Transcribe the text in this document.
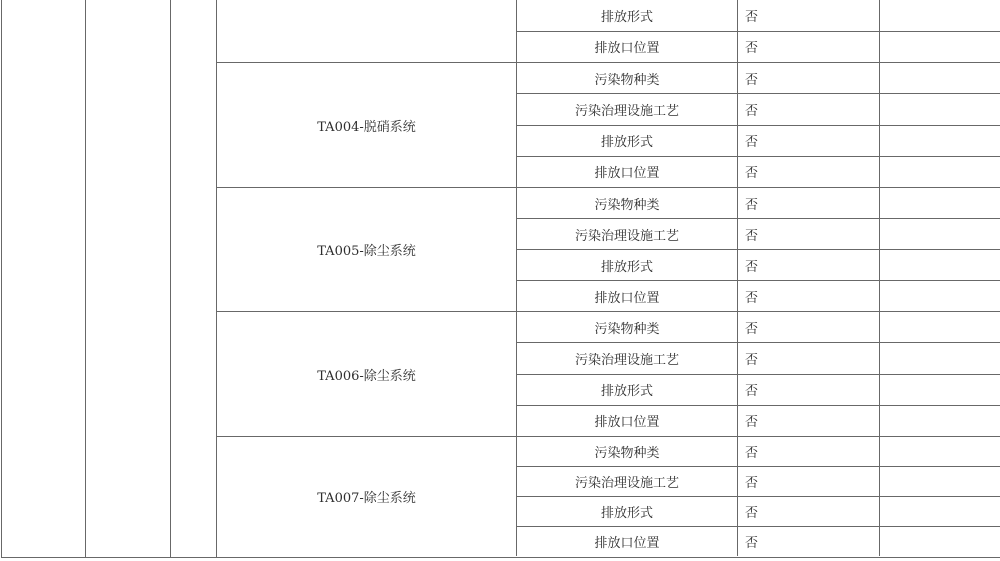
排放形式	否
排放口位置	否
TA004-脱硝系统
污染物种类	否
污染治理设施工艺	否
排放形式	否
排放口位置	否
TA005-除尘系统
污染物种类	否
污染治理设施工艺	否
排放形式	否
排放口位置	否
TA006-除尘系统
污染物种类	否
污染治理设施工艺	否
排放形式	否
排放口位置	否
TA007-除尘系统
污染物种类	否
污染治理设施工艺	否
排放形式	否
排放口位置	否
